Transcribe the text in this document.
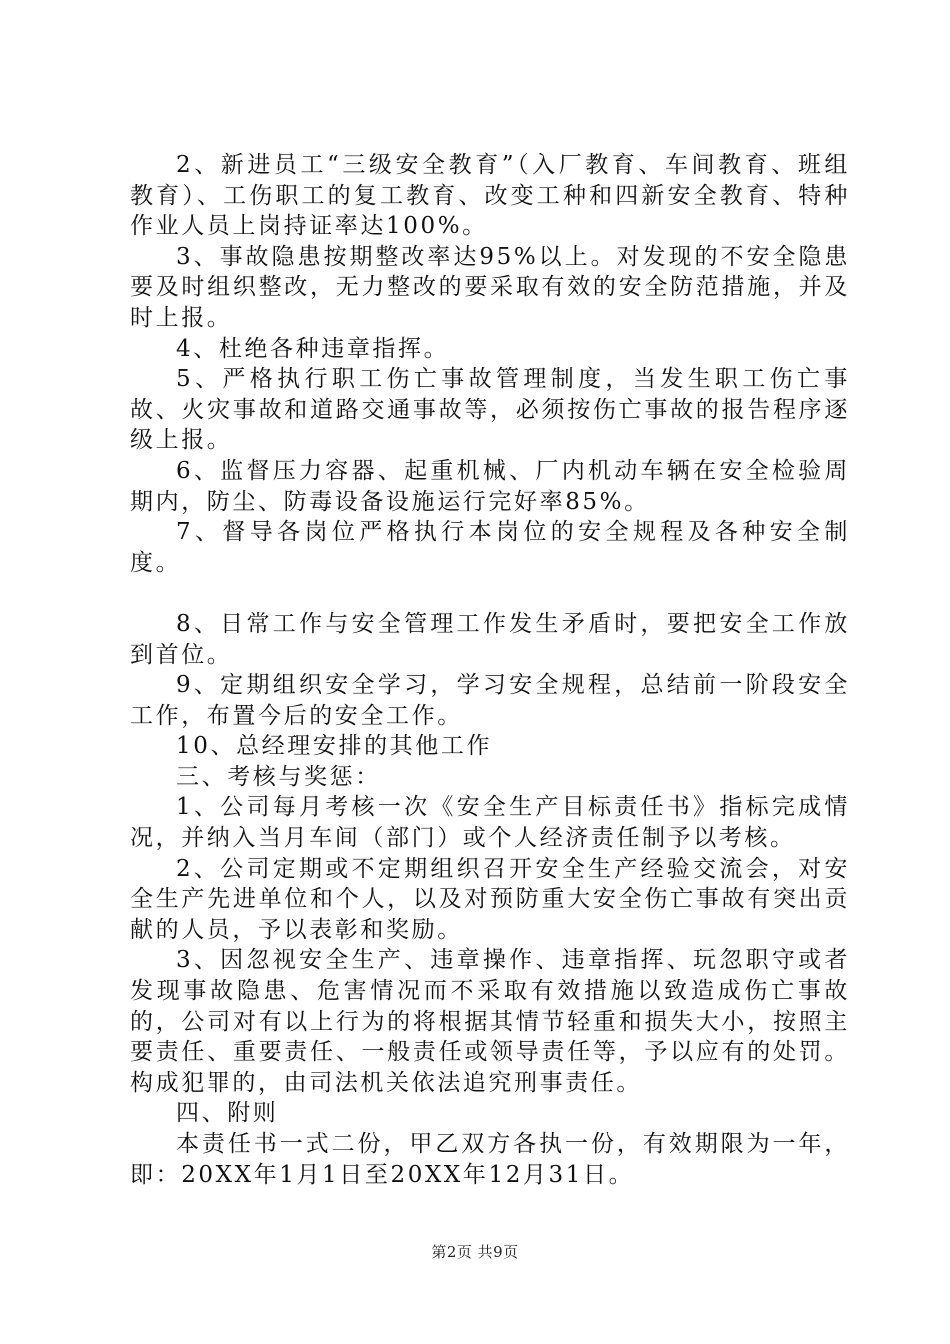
2、新进员工“三级安全教育”（入厂教育、车间教育、班组教育）、工伤职工的复工教育、改变工种和四新安全教育、特种作业人员上岗持证率达100%。

3、事故隐患按期整改率达95%以上。对发现的不安全隐患要及时组织整改，无力整改的要采取有效的安全防范措施，并及时上报。

4、杜绝各种违章指挥。

5、严格执行职工伤亡事故管理制度，当发生职工伤亡事故、火灾事故和道路交通事故等，必须按伤亡事故的报告程序逐级上报。

6、监督压力容器、起重机械、厂内机动车辆在安全检验周期内，防尘、防毒设备设施运行完好率85%。

7、督导各岗位严格执行本岗位的安全规程及各种安全制度。

8、日常工作与安全管理工作发生矛盾时，要把安全工作放到首位。

9、定期组织安全学习，学习安全规程，总结前一阶段安全工作，布置今后的安全工作。

10、总经理安排的其他工作

三、考核与奖惩：

1、公司每月考核一次《安全生产目标责任书》指标完成情况，并纳入当月车间（部门）或个人经济责任制予以考核。

2、公司定期或不定期组织召开安全生产经验交流会，对安全生产先进单位和个人，以及对预防重大安全伤亡事故有突出贡献的人员，予以表彰和奖励。

3、因忽视安全生产、违章操作、违章指挥、玩忽职守或者发现事故隐患、危害情况而不采取有效措施以致造成伤亡事故的，公司对有以上行为的将根据其情节轻重和损失大小，按照主要责任、重要责任、一般责任或领导责任等，予以应有的处罚。构成犯罪的，由司法机关依法追究刑事责任。

四、附则

本责任书一式二份，甲乙双方各执一份，有效期限为一年，即：20XX年1月1日至20XX年12月31日。

第2页 共9页
